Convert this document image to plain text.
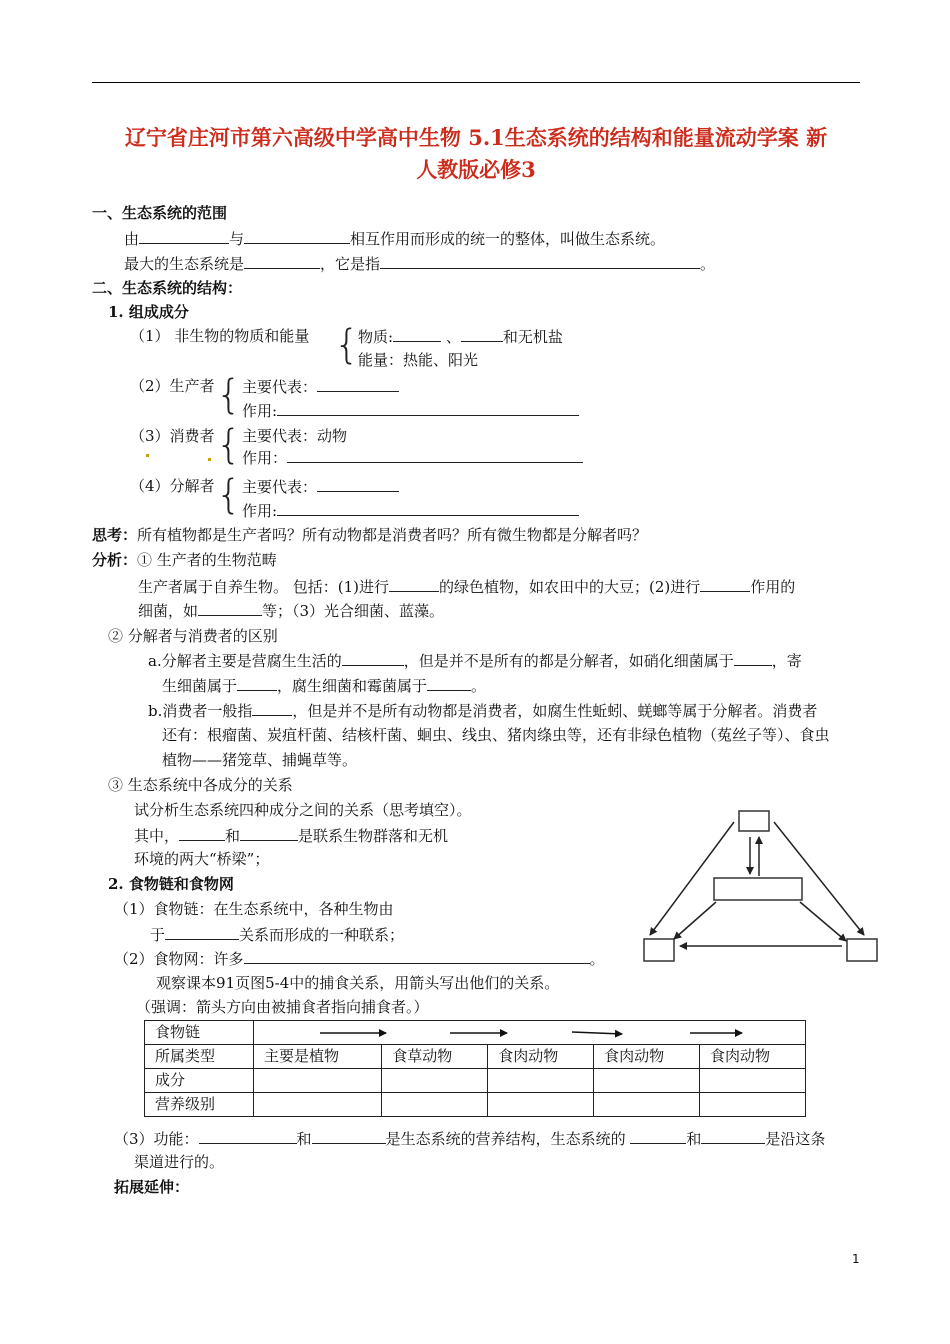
辽宁省庄河市第六高级中学高中生物 5.1生态系统的结构和能量流动学案 新
人教版必修3
一、生态系统的范围
由	与	相互作用而形成的统一的整体，叫做生态系统。
最大的生态系统是	，它是指	。
二、生态系统的结构：
1. 组成成分
（1） 非生物的物质和能量 {
物质:	、	和无机盐
能量：热能、阳光
（2）生产者 { 主要代表：
作用:
（3）消费者 { 主要代表：动物
作用：
（4）分解者 { 主要代表：
作用:
思考：所有植物都是生产者吗？所有动物都是消费者吗？所有微生物都是分解者吗？
分析：① 生产者的生物范畴
生产者属于自养生物。 包括：(1)进行	的绿色植物，如农田中的大豆；(2)进行	作用的
细菌，如	等；（3）光合细菌、蓝藻。
② 分解者与消费者的区别
a.分解者主要是营腐生生活的	，但是并不是所有的都是分解者，如硝化细菌属于	，寄
生细菌属于	，腐生细菌和霉菌属于	。
b.消费者一般指	，但是并不是所有动物都是消费者，如腐生性蚯蚓、蜣螂等属于分解者。消费者
还有：根瘤菌、炭疽杆菌、结核杆菌、蛔虫、线虫、猪肉绦虫等，还有非绿色植物（菟丝子等）、食虫
植物——猪笼草、捕蝇草等。
③ 生态系统中各成分的关系
试分析生态系统四种成分之间的关系（思考填空）。
其中，	和	是联系生物群落和无机
环境的两大“桥梁”；
2. 食物链和食物网
（1）食物链：在生态系统中，各种生物由
于	关系而形成的一种联系；
（2）食物网：许多	。
观察课本91页图5-4中的捕食关系，用箭头写出他们的关系。
（强调：箭头方向由被捕食者指向捕食者。）
食物链	

所属类型	主要是植物	食草动物	食肉动物	食肉动物	食肉动物
成分					
营养级别					
（3）功能：	和	是生态系统的营养结构，生态系统的	和	是沿这条
渠道进行的。
拓展延伸：
1
